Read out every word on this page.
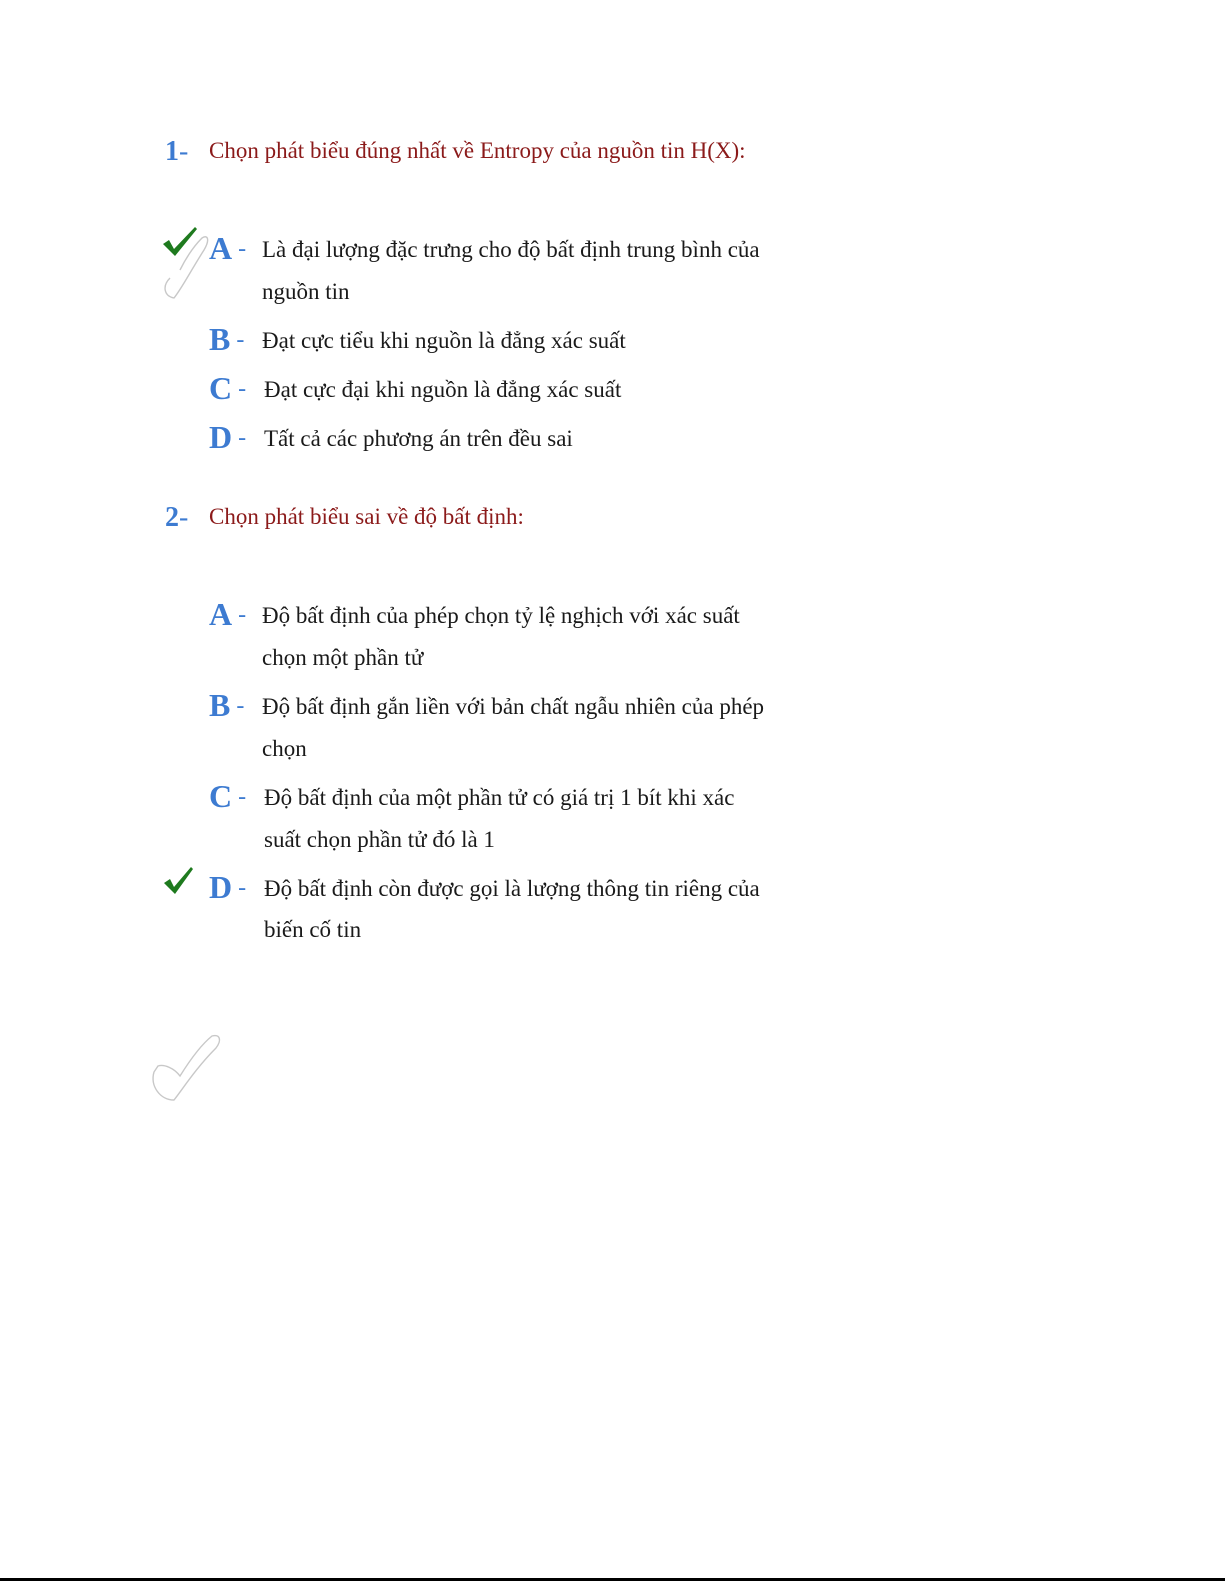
1- Chọn phát biểu đúng nhất về Entropy của nguồn tin H(X):
A - Là đại lượng đặc trưng cho độ bất định trung bình của
nguồn tin
B - Đạt cực tiểu khi nguồn là đẳng xác suất
C - Đạt cực đại khi nguồn là đẳng xác suất
D - Tất cả các phương án trên đều sai
2- Chọn phát biểu sai về độ bất định:
A - Độ bất định của phép chọn tỷ lệ nghịch với xác suất
chọn một phần tử
B - Độ bất định gắn liền với bản chất ngẫu nhiên của phép
chọn
C - Độ bất định của một phần tử có giá trị 1 bít khi xác
suất chọn phần tử đó là 1
D - Độ bất định còn được gọi là lượng thông tin riêng của
biến cố tin
